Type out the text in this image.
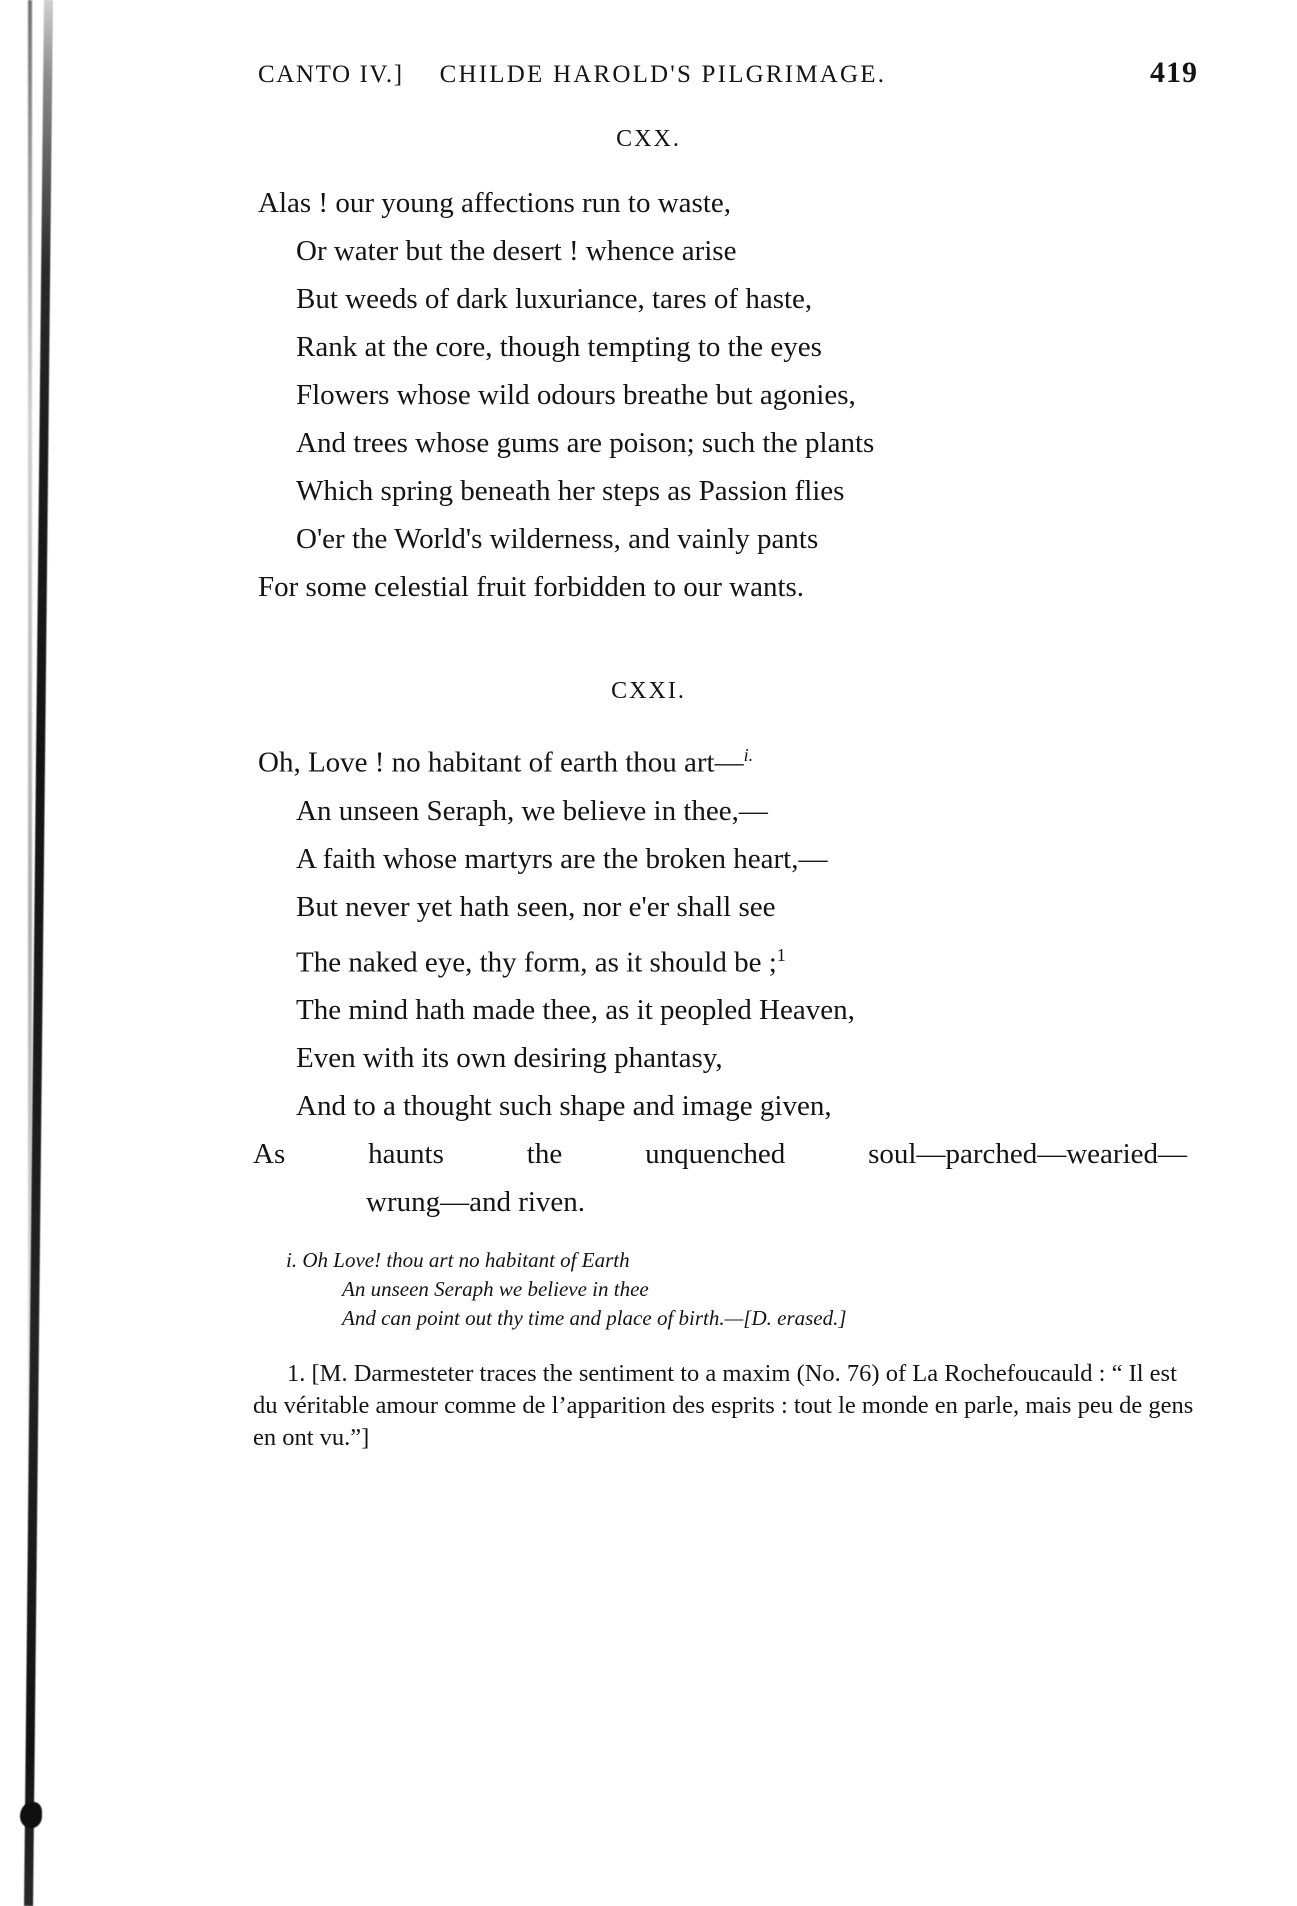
CANTO IV.] CHILDE HAROLD'S PILGRIMAGE.	419
CXX.
Alas ! our young affections run to waste,
Or water but the desert ! whence arise
But weeds of dark luxuriance, tares of haste,
Rank at the core, though tempting to the eyes
Flowers whose wild odours breathe but agonies,
And trees whose gums are poison; such the plants
Which spring beneath her steps as Passion flies
O'er the World's wilderness, and vainly pants
For some celestial fruit forbidden to our wants.
CXXI.
Oh, Love ! no habitant of earth thou art—$^{i.}$
An unseen Seraph, we believe in thee,—
A faith whose martyrs are the broken heart,—
But never yet hath seen, nor e'er shall see
The naked eye, thy form, as it should be ;$^1$
The mind hath made thee, as it peopled Heaven,
Even with its own desiring phantasy,
And to a thought such shape and image given,
As haunts the unquenched soul—parched—wearied—
wrung—and riven.
i. Oh Love! thou art no habitant of Earth
An unseen Seraph we believe in thee
And can point out thy time and place of birth.—[D. erased.]
1. [M. Darmesteter traces the sentiment to a maxim (No. 76) of La Rochefoucauld : “ Il est du véritable amour comme de l’apparition des esprits : tout le monde en parle, mais peu de gens en ont vu.”]
